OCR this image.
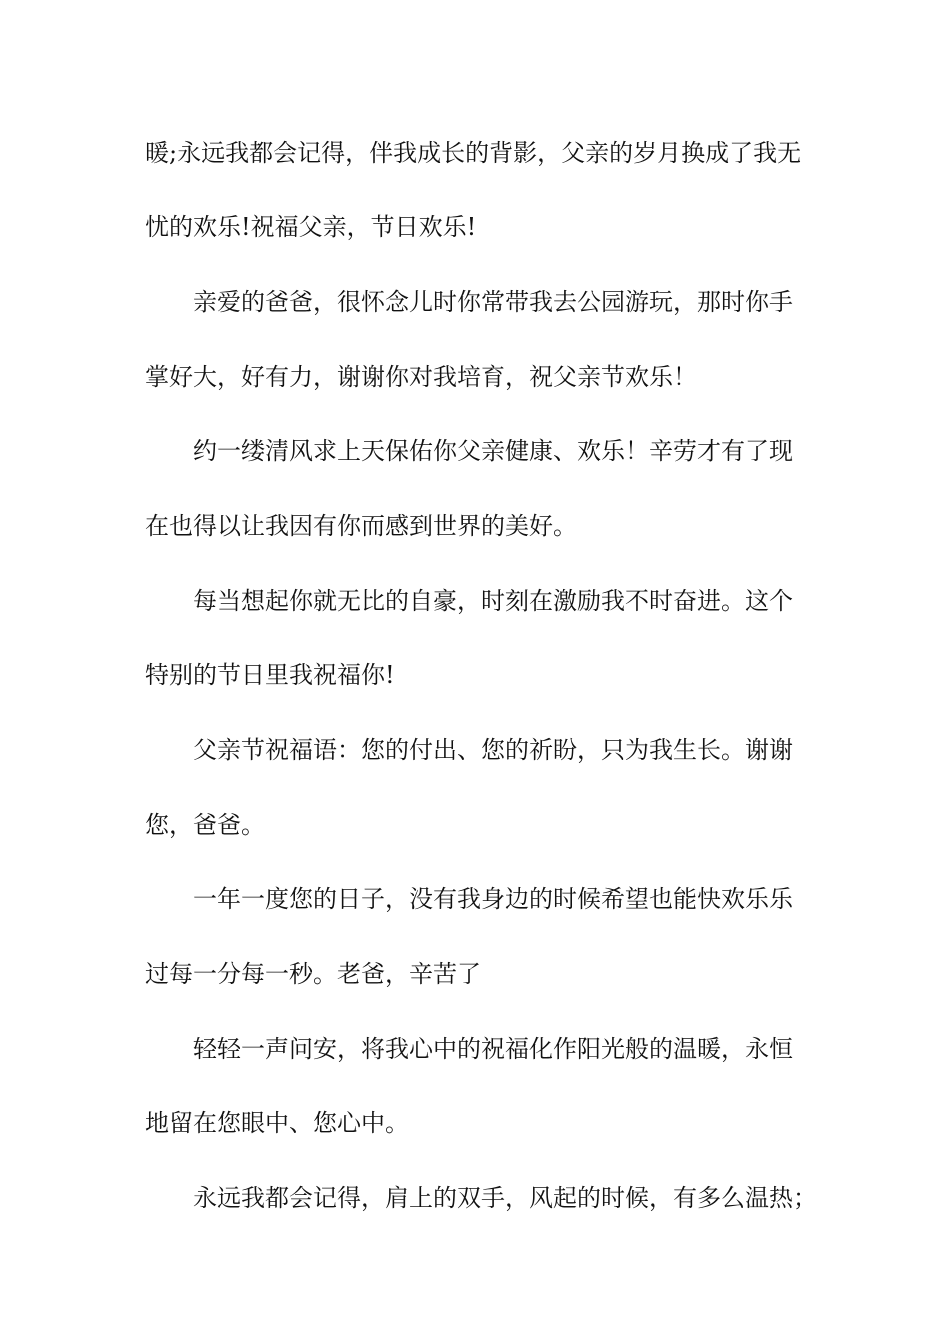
暖;永远我都会记得，伴我成长的背影，父亲的岁月换成了我无
忧的欢乐!祝福父亲，节日欢乐!
亲爱的爸爸，很怀念儿时你常带我去公园游玩，那时你手
掌好大，好有力，谢谢你对我培育，祝父亲节欢乐！
约一缕清风求上天保佑你父亲健康、欢乐！辛劳才有了现
在也得以让我因有你而感到世界的美好。
每当想起你就无比的自豪，时刻在激励我不时奋进。这个
特别的节日里我祝福你!
父亲节祝福语：您的付出、您的祈盼，只为我生长。谢谢
您，爸爸。
一年一度您的日子，没有我身边的时候希望也能快欢乐乐
过每一分每一秒。老爸，辛苦了
轻轻一声问安，将我心中的祝福化作阳光般的温暖，永恒
地留在您眼中、您心中。
永远我都会记得，肩上的双手，风起的时候，有多么温热；
